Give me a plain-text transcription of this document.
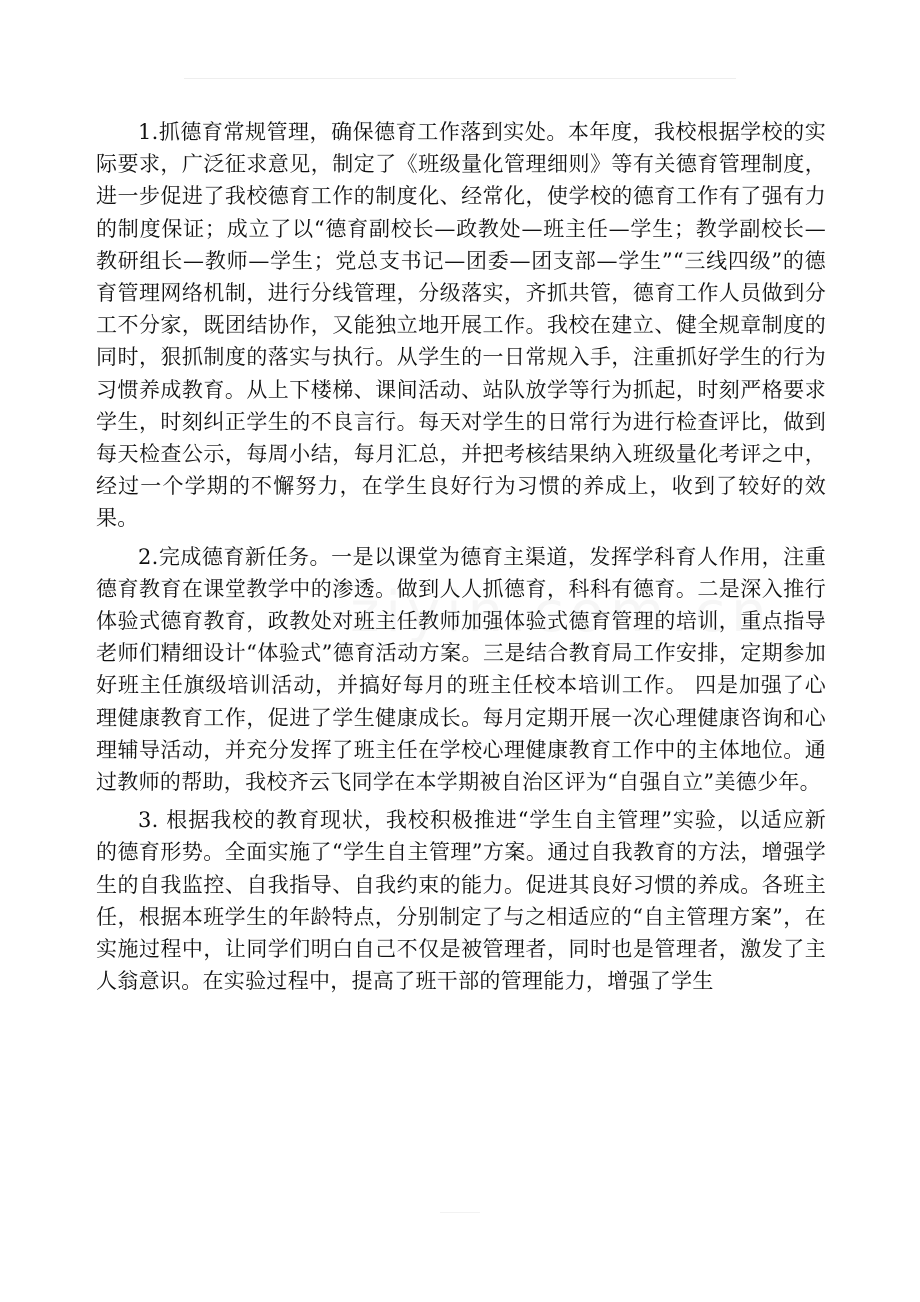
1.抓德育常规管理，确保德育工作落到实处。本年度，我校根据学校的实际要求，广泛征求意见，制定了《班级量化管理细则》等有关德育管理制度，进一步促进了我校德育工作的制度化、经常化，使学校的德育工作有了强有力的制度保证；成立了以“德育副校长—政教处—班主任—学生；教学副校长—教研组长—教师—学生；党总支书记—团委—团支部—学生”“三线四级”的德育管理网络机制，进行分线管理，分级落实，齐抓共管，德育工作人员做到分工不分家，既团结协作，又能独立地开展工作。我校在建立、健全规章制度的同时，狠抓制度的落实与执行。从学生的一日常规入手，注重抓好学生的行为习惯养成教育。从上下楼梯、课间活动、站队放学等行为抓起，时刻严格要求学生，时刻纠正学生的不良言行。每天对学生的日常行为进行检查评比，做到每天检查公示，每周小结，每月汇总，并把考核结果纳入班级量化考评之中，经过一个学期的不懈努力，在学生良好行为习惯的养成上，收到了较好的效果。

2.完成德育新任务。一是以课堂为德育主渠道，发挥学科育人作用，注重德育教育在课堂教学中的渗透。做到人人抓德育，科科有德育。二是深入推行体验式德育教育，政教处对班主任教师加强体验式德育管理的培训，重点指导老师们精细设计“体验式”德育活动方案。三是结合教育局工作安排，定期参加好班主任旗级培训活动，并搞好每月的班主任校本培训工作。 四是加强了心理健康教育工作，促进了学生健康成长。每月定期开展一次心理健康咨询和心理辅导活动，并充分发挥了班主任在学校心理健康教育工作中的主体地位。通过教师的帮助，我校齐云飞同学在本学期被自治区评为“自强自立”美德少年。

3. 根据我校的教育现状，我校积极推进“学生自主管理”实验，以适应新的德育形势。全面实施了“学生自主管理”方案。通过自我教育的方法，增强学生的自我监控、自我指导、自我约束的能力。促进其良好习惯的养成。各班主任，根据本班学生的年龄特点，分别制定了与之相适应的“自主管理方案”，在实施过程中，让同学们明白自己不仅是被管理者，同时也是管理者，激发了主人翁意识。在实验过程中，提高了班干部的管理能力，增强了学生
